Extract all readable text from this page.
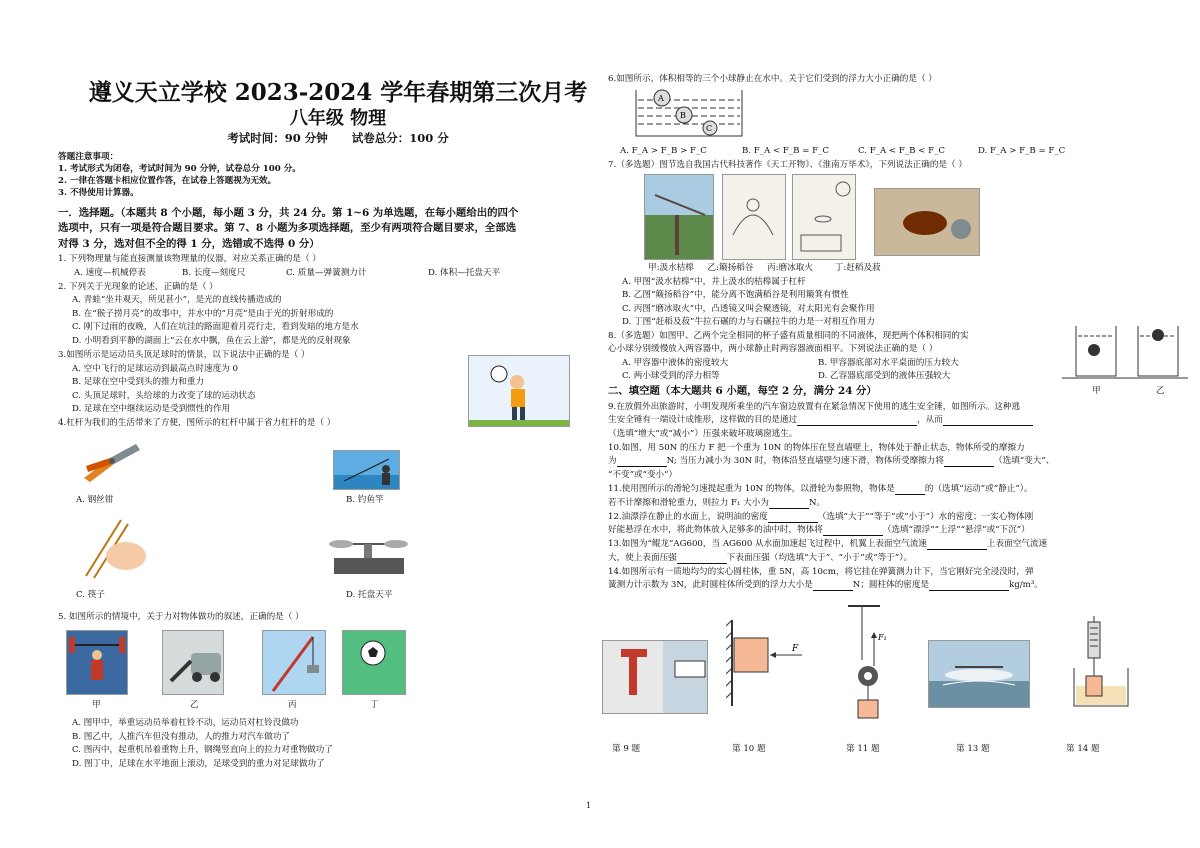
遵义天立学校 2023-2024 学年春期第三次月考
八年级 物理
考试时间：90 分钟      试卷总分：100 分
答题注意事项：
1. 考试形式为闭卷，考试时间为 90 分钟，试卷总分 100 分。
2. 一律在答题卡相应位置作答，在试卷上答题视为无效。
3. 不得使用计算器。
一．选择题。（本题共 8 个小题，每小题 3 分，共 24 分。第 1~6 为单选题，在每小题给出的四个
选项中，只有一项是符合题目要求。第 7、8 小题为多项选择题，至少有两项符合题目要求，全部选
对得 3 分，选对但不全的得 1 分，选错或不选得 0 分）
1. 下列物理量与能直接测量该物理量的仪器，对应关系正确的是（ ）
A. 速度—机械停表	B. 长度—刻度尺	C. 质量—弹簧测力计	D. 体积—托盘天平
2. 下列关于光现象的论述，正确的是（ ）
A. 青蛙“坐井观天，所见甚小”，是光的直线传播造成的
B. 在“猴子捞月亮”的故事中，井水中的“月亮”是由于光的折射形成的
C. 刚下过雨的夜晚，人们在坑洼的路面迎着月亮行走，看到发暗的地方是水
D. 小明看到平静的湖面上“云在水中飘，鱼在云上游”，都是光的反射现象
3.如图所示是运动员头顶足球时的情景，以下说法中正确的是（ ）
A. 空中飞行的足球运动到最高点时速度为 0
B. 足球在空中受到头的推力和重力
C. 头顶足球时，头给球的力改变了球的运动状态
D. 足球在空中继续运动是受到惯性的作用
4.杠杆为我们的生活带来了方便，图所示的杠杆中属于省力杠杆的是（ ）
A. 钢丝钳	B. 钓鱼竿
C. 筷子	D. 托盘天平
5. 如图所示的情境中，关于力对物体做功的叙述，正确的是（ ）
甲	乙	丙	丁
A. 图甲中，举重运动员举着杠铃不动，运动员对杠铃没做功
B. 图乙中，人推汽车但没有推动，人的推力对汽车做功了
C. 图丙中，起重机吊着重物上升，钢绳竖直向上的拉力对重物做功了
D. 图丁中，足球在水平地面上滚动，足球受到的重力对足球做功了
6.如图所示，体积相等的三个小球静止在水中。关于它们受到的浮力大小正确的是（ ）
A
B
C
A. F_A > F_B > F_C	B. F_A < F_B = F_C	C. F_A < F_B < F_C	D. F_A > F_B = F_C
7.（多选题）图节选自我国古代科技著作《天工开物》、《淮南万毕术》，下列说法正确的是（ ）
甲:汲水桔槔     乙:簸扬稻谷     丙:磨冰取火        丁:赶稻及菽
A. 甲图“汲水桔槔”中，井上汲水的桔槔属于杠杆
B. 乙图“簸扬稻谷”中，能分离不饱满稻谷是利用簸箕有惯性
C. 丙图“磨冰取火”中，凸透镜又叫会聚透镜，对太阳光有会聚作用
D. 丁图“赶稻及菽”牛拉石碾的力与石碾拉牛的力是一对相互作用力
8.（多选题）如图甲、乙两个完全相同的杯子盛有质量相同的不同液体，现把两个体积相同的实
心小球分别缓慢放入两容器中，两小球静止时两容器液面相平。下列说法正确的是（ ）
A. 甲容器中液体的密度较大	B. 甲容器底部对水平桌面的压力较大
C. 两小球受到的浮力相等	D. 乙容器底部受到的液体压强较大
甲	乙
二、填空题（本大题共 6 小题，每空 2 分，满分 24 分）
9.在放假外出旅游时，小明发现所乘坐的汽车窗边放置有在紧急情况下使用的逃生安全锤，如图所示。这种逃
生安全锤有一端设计成锥形，这样做的目的是通过	，从而
（选填“增大”或“减小”）压强来破坏玻璃窗逃生。
10.如图，用 50N 的压力 F 把一个重为 10N 的物体压在竖直墙壁上，物体处于静止状态，物体所受的摩擦力
为	N; 当压力减小为 30N 时，物体沿竖直墙壁匀速下滑，物体所受摩擦力将	（选填“变大”、
“不变”或“变小”）
11.使用图所示的滑轮匀速提起重为 10N 的物体，以滑轮为参照物，物体是	的（选填“运动”或“静止”）。
若不计摩擦和滑轮重力，则拉力 F₁ 大小为	N。
12.油漂浮在静止的水面上，说明油的密度	（选填“大于”“等于”或“小于”）水的密度；一实心物体刚
好能悬浮在水中，将此物体放入足够多的油中时，物体将	（选填“漂浮”“上浮”“悬浮”或“下沉”）
13.如图为“鲲龙”AG600，当 AG600 从水面加速起飞过程中，机翼上表面空气流速	上表面空气流速
大，使上表面压强	下表面压强（均选填“大于”、“小于”或“等于”）。
14.如图所示有一质地均匀的实心圆柱体，重 5N，高 10cm，将它挂在弹簧测力计下，当它刚好完全浸没时，弹
簧测力计示数为 3N，此时圆柱体所受到的浮力大小是	N；圆柱体的密度是	kg/m³。
F
F₁
第 9 题	第 10 题	第 11 题	第 13 题	第 14 题
1
